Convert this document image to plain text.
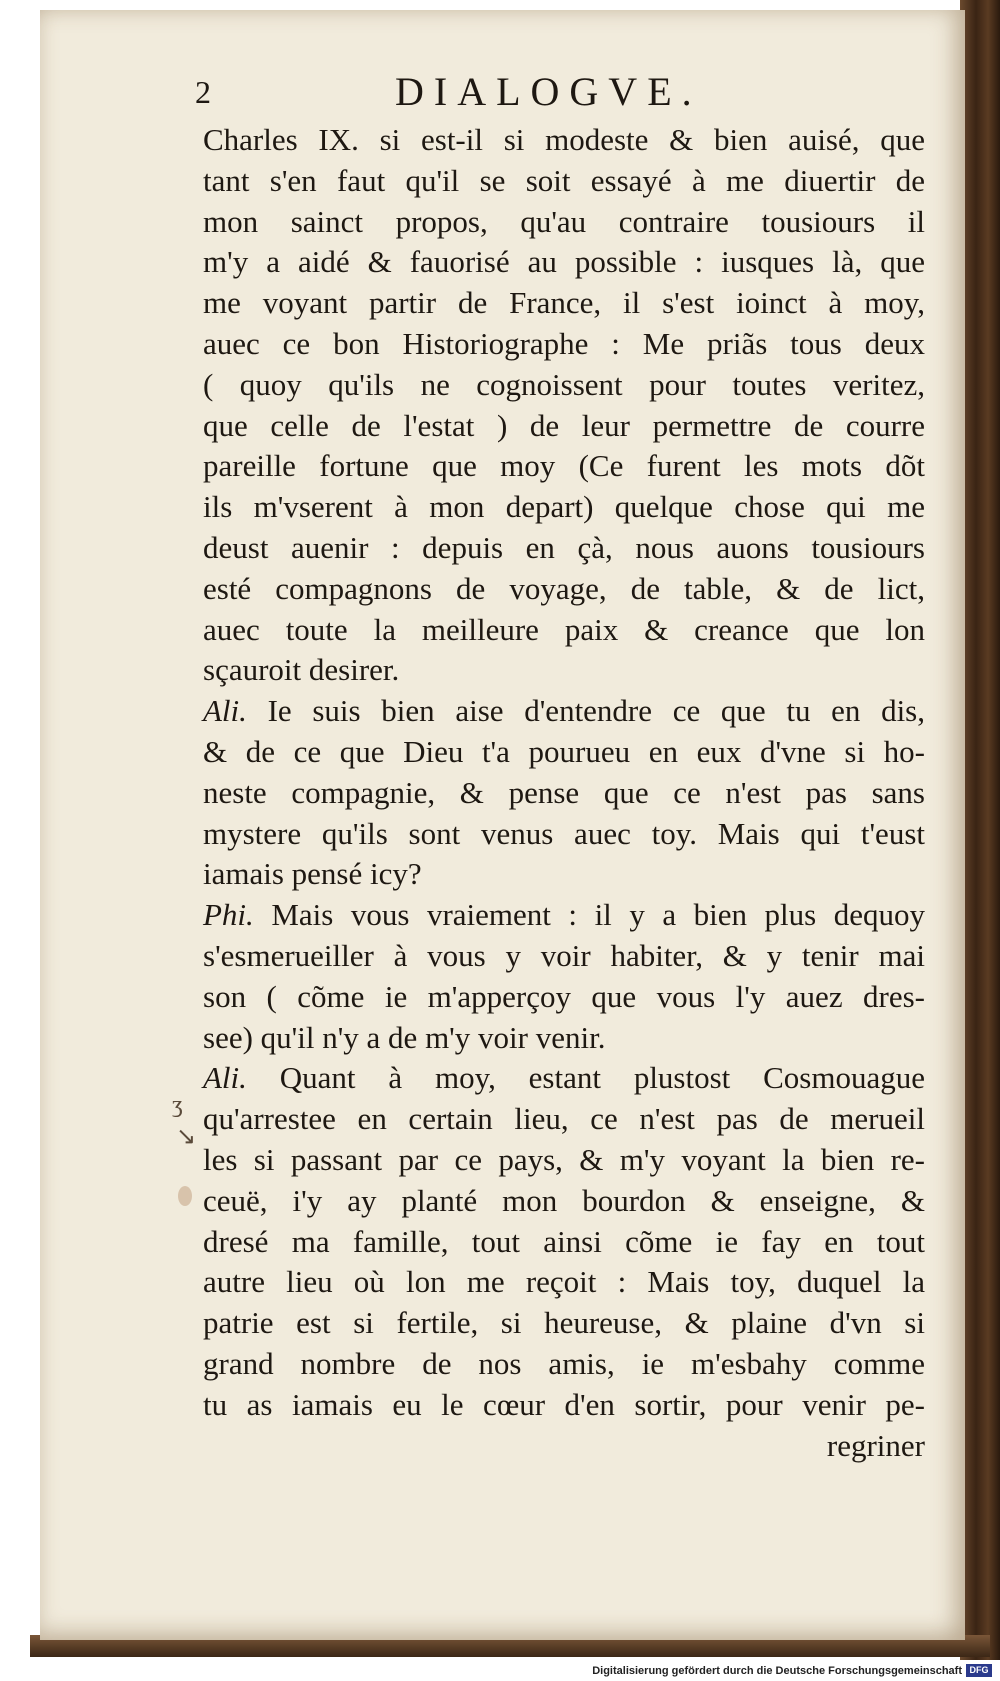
2	DIALOGVE.
ʒ
↘
Charles IX. si est-il si modeste & bien auisé, que
tant s'en faut qu'il se soit essayé à me diuertir de
mon sainct propos, qu'au contraire tousiours il
m'y a aidé & fauorisé au possible : iusques là, que
me voyant partir de France, il s'est ioinct à moy,
auec ce bon Historiographe : Me priãs tous deux
( quoy qu'ils ne cognoissent pour toutes veritez,
que celle de l'estat ) de leur permettre de courre
pareille fortune que moy (Ce furent les mots dõt
ils m'vserent à mon depart) quelque chose qui me
deust auenir : depuis en çà, nous auons tousiours
esté compagnons de voyage, de table, & de lict,
auec toute la meilleure paix & creance que lon
sçauroit desirer.
Ali. Ie suis bien aise d'entendre ce que tu en dis,
& de ce que Dieu t'a pourueu en eux d'vne si ho-
neste compagnie, & pense que ce n'est pas sans
mystere qu'ils sont venus auec toy. Mais qui t'eust
iamais pensé icy?
Phi. Mais vous vraiement : il y a bien plus dequoy
s'esmerueiller à vous y voir habiter, & y tenir mai
son ( cõme ie m'apperçoy que vous l'y auez dres-
see) qu'il n'y a de m'y voir venir.
Ali. Quant à moy, estant plustost Cosmouague
qu'arrestee en certain lieu, ce n'est pas de merueil
les si passant par ce pays, & m'y voyant la bien re-
ceuë, i'y ay planté mon bourdon & enseigne, &
dresé ma famille, tout ainsi cõme ie fay en tout
autre lieu où lon me reçoit : Mais toy, duquel la
patrie est si fertile, si heureuse, & plaine d'vn si
grand nombre de nos amis, ie m'esbahy comme
tu as iamais eu le cœur d'en sortir, pour venir pe-
regriner
Digitalisierung gefördert durch die Deutsche Forschungsgemeinschaft DFG
